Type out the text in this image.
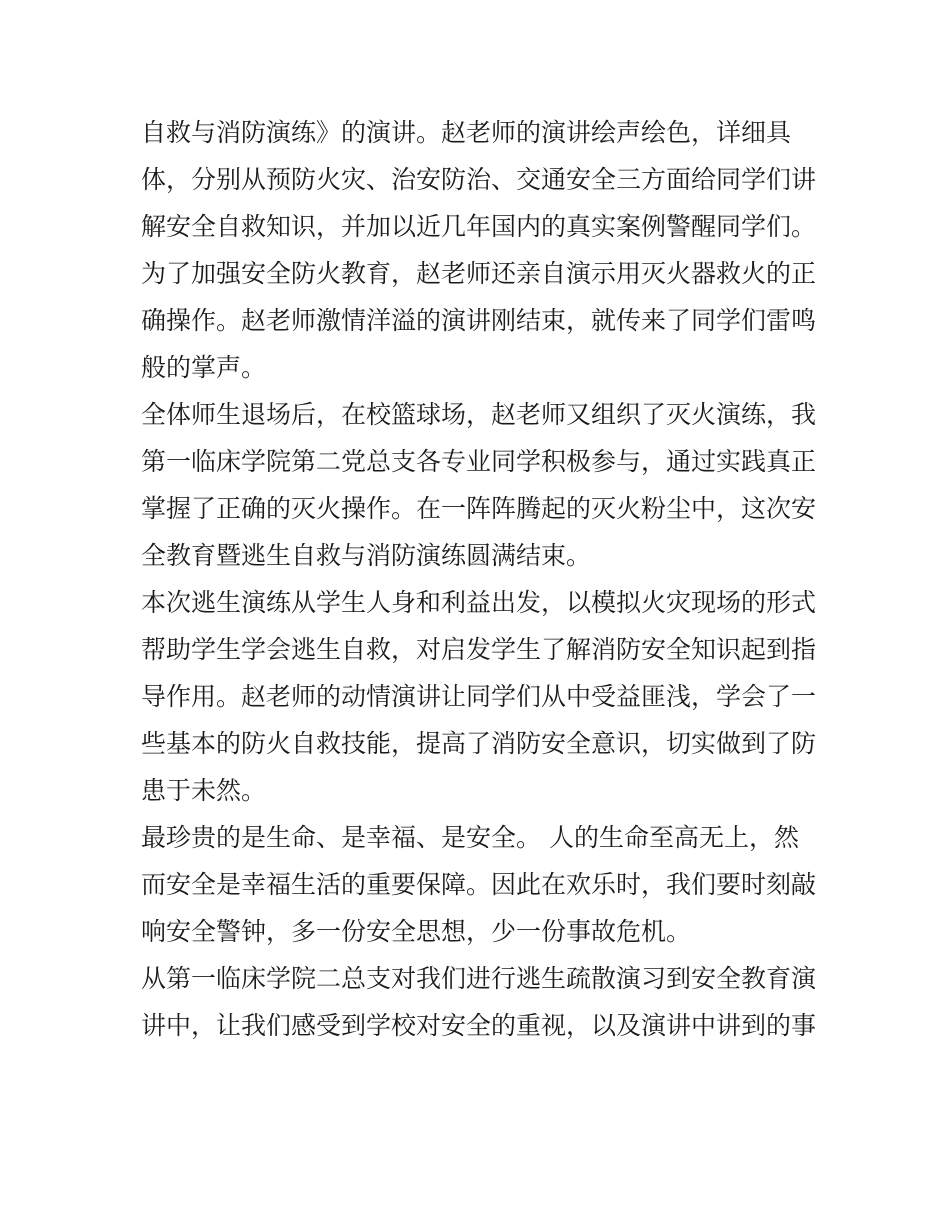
自救与消防演练》的演讲。赵老师的演讲绘声绘色，详细具
体，分别从预防火灾、治安防治、交通安全三方面给同学们讲
解安全自救知识，并加以近几年国内的真实案例警醒同学们。
为了加强安全防火教育，赵老师还亲自演示用灭火器救火的正
确操作。赵老师激情洋溢的演讲刚结束，就传来了同学们雷鸣
般的掌声。
全体师生退场后，在校篮球场，赵老师又组织了灭火演练，我
第一临床学院第二党总支各专业同学积极参与，通过实践真正
掌握了正确的灭火操作。在一阵阵腾起的灭火粉尘中，这次安
全教育暨逃生自救与消防演练圆满结束。
本次逃生演练从学生人身和利益出发，以模拟火灾现场的形式
帮助学生学会逃生自救，对启发学生了解消防安全知识起到指
导作用。赵老师的动情演讲让同学们从中受益匪浅，学会了一
些基本的防火自救技能，提高了消防安全意识，切实做到了防
患于未然。
最珍贵的是生命、是幸福、是安全。 人的生命至高无上，然
而安全是幸福生活的重要保障。因此在欢乐时，我们要时刻敲
响安全警钟，多一份安全思想，少一份事故危机。
从第一临床学院二总支对我们进行逃生疏散演习到安全教育演
讲中，让我们感受到学校对安全的重视，以及演讲中讲到的事
